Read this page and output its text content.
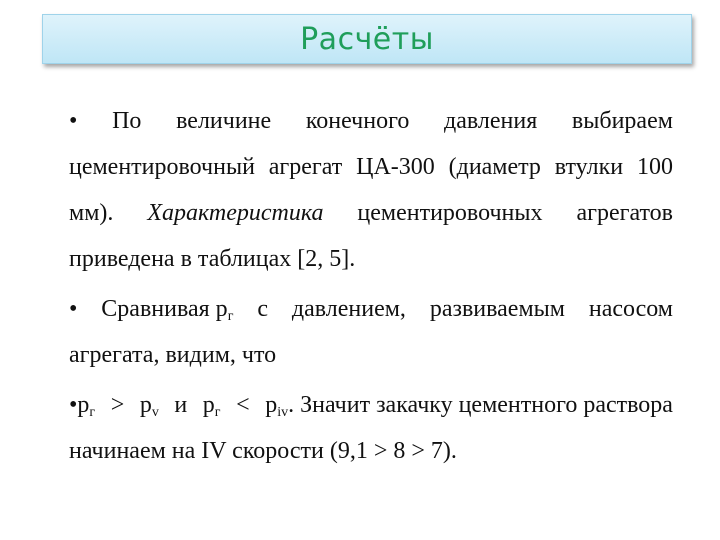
Расчёты
• По величине конечного давления выбираем
цементировочный агрегат ЦА-300 (диаметр втулки 100
мм). Характеристика цементировочных агрегатов
приведена в таблицах [2, 5].
• Сравнивая $p_г$ с давлением, развиваемым насосом
агрегата, видим, что
• $p_г > p_v$ и $p_г < p_{iv}$. Значит закачку цементного раствора
начинаем на IV скорости (9,1 > 8 > 7).
